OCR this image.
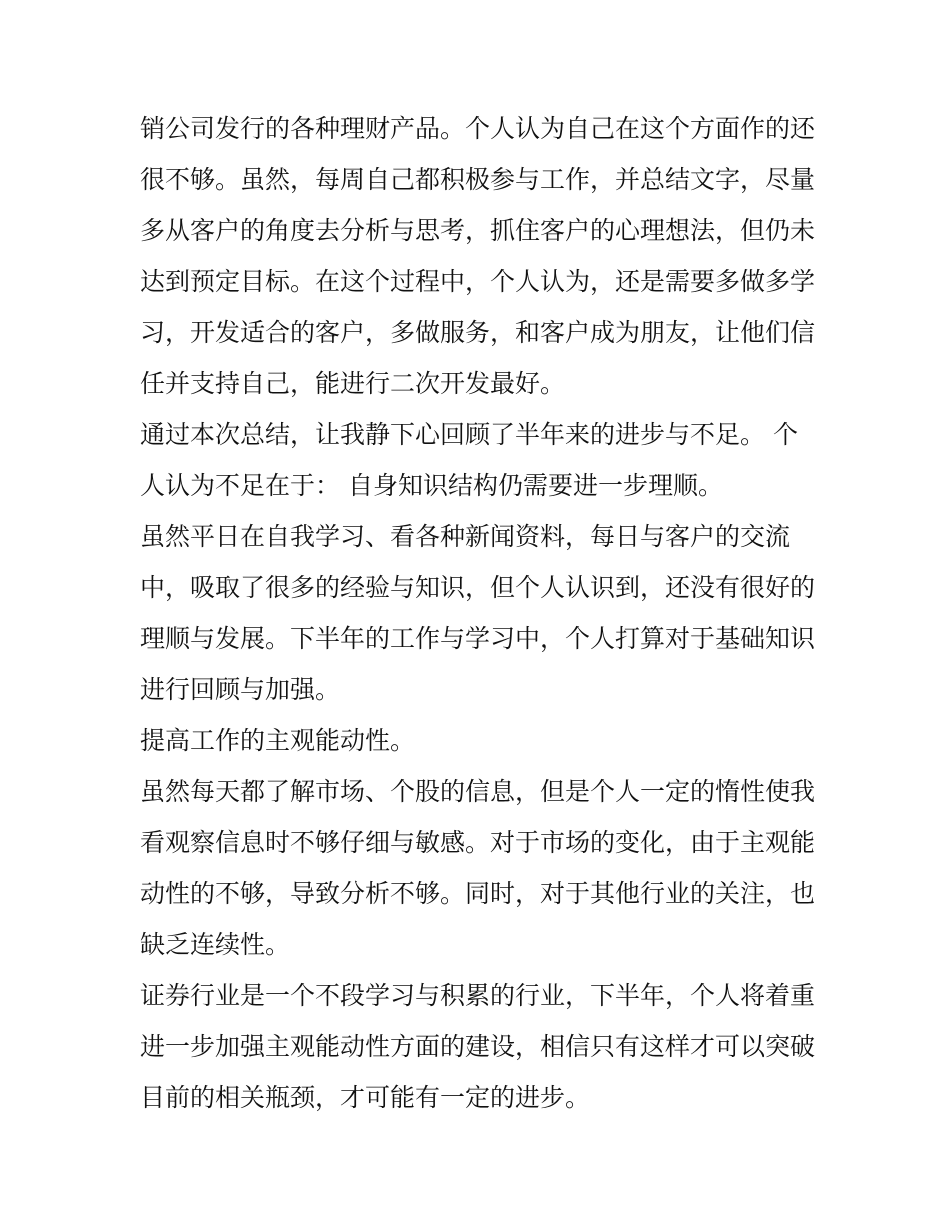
销公司发行的各种理财产品。个人认为自己在这个方面作的还
很不够。虽然，每周自己都积极参与工作，并总结文字，尽量
多从客户的角度去分析与思考，抓住客户的心理想法，但仍未
达到预定目标。在这个过程中，个人认为，还是需要多做多学
习，开发适合的客户，多做服务，和客户成为朋友，让他们信
任并支持自己，能进行二次开发最好。
通过本次总结，让我静下心回顾了半年来的进步与不足。 个
人认为不足在于： 自身知识结构仍需要进一步理顺。
虽然平日在自我学习、看各种新闻资料，每日与客户的交流
中，吸取了很多的经验与知识，但个人认识到，还没有很好的
理顺与发展。下半年的工作与学习中，个人打算对于基础知识
进行回顾与加强。
提高工作的主观能动性。
虽然每天都了解市场、个股的信息，但是个人一定的惰性使我
看观察信息时不够仔细与敏感。对于市场的变化，由于主观能
动性的不够，导致分析不够。同时，对于其他行业的关注，也
缺乏连续性。
证券行业是一个不段学习与积累的行业，下半年，个人将着重
进一步加强主观能动性方面的建设，相信只有这样才可以突破
目前的相关瓶颈，才可能有一定的进步。
